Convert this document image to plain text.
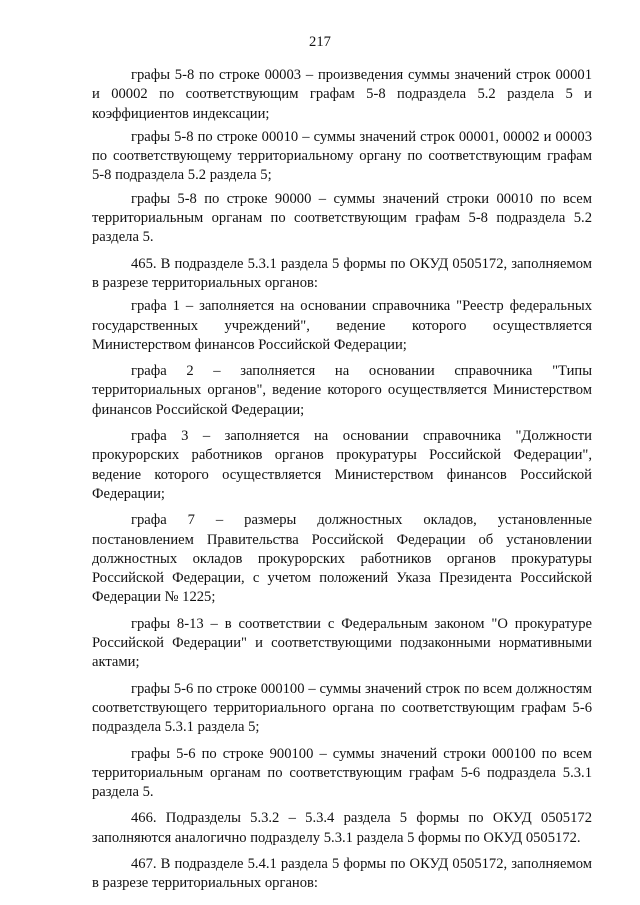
217

графы 5-8 по строке 00003 – произведения суммы значений строк 00001 и 00002 по соответствующим графам 5-8 подраздела 5.2 раздела 5 и коэффициентов индексации;

графы 5-8 по строке 00010 – суммы значений строк 00001, 00002 и 00003 по соответствующему территориальному органу по соответствующим графам 5-8 подраздела 5.2 раздела 5;

графы 5-8 по строке 90000 – суммы значений строки 00010 по всем территориальным органам по соответствующим графам 5-8 подраздела 5.2 раздела 5.

465. В подразделе 5.3.1 раздела 5 формы по ОКУД 0505172, заполняемом в разрезе территориальных органов:

графа 1 – заполняется на основании справочника "Реестр федеральных государственных учреждений", ведение которого осуществляется Министерством финансов Российской Федерации;

графа 2 – заполняется на основании справочника "Типы территориальных органов", ведение которого осуществляется Министерством финансов Российской Федерации;

графа 3 – заполняется на основании справочника "Должности прокурорских работников органов прокуратуры Российской Федерации", ведение которого осуществляется Министерством финансов Российской Федерации;

графа 7 – размеры должностных окладов, установленные постановлением Правительства Российской Федерации об установлении должностных окладов прокурорских работников органов прокуратуры Российской Федерации, с учетом положений Указа Президента Российской Федерации № 1225;

графы 8-13 – в соответствии с Федеральным законом "О прокуратуре Российской Федерации" и соответствующими подзаконными нормативными актами;

графы 5-6 по строке 000100 – суммы значений строк по всем должностям соответствующего территориального органа по соответствующим графам 5-6 подраздела 5.3.1 раздела 5;

графы 5-6 по строке 900100 – суммы значений строки 000100 по всем территориальным органам по соответствующим графам 5-6 подраздела 5.3.1 раздела 5.

466. Подразделы 5.3.2 – 5.3.4 раздела 5 формы по ОКУД 0505172 заполняются аналогично подразделу 5.3.1 раздела 5 формы по ОКУД 0505172.

467. В подразделе 5.4.1 раздела 5 формы по ОКУД 0505172, заполняемом в разрезе территориальных органов:
